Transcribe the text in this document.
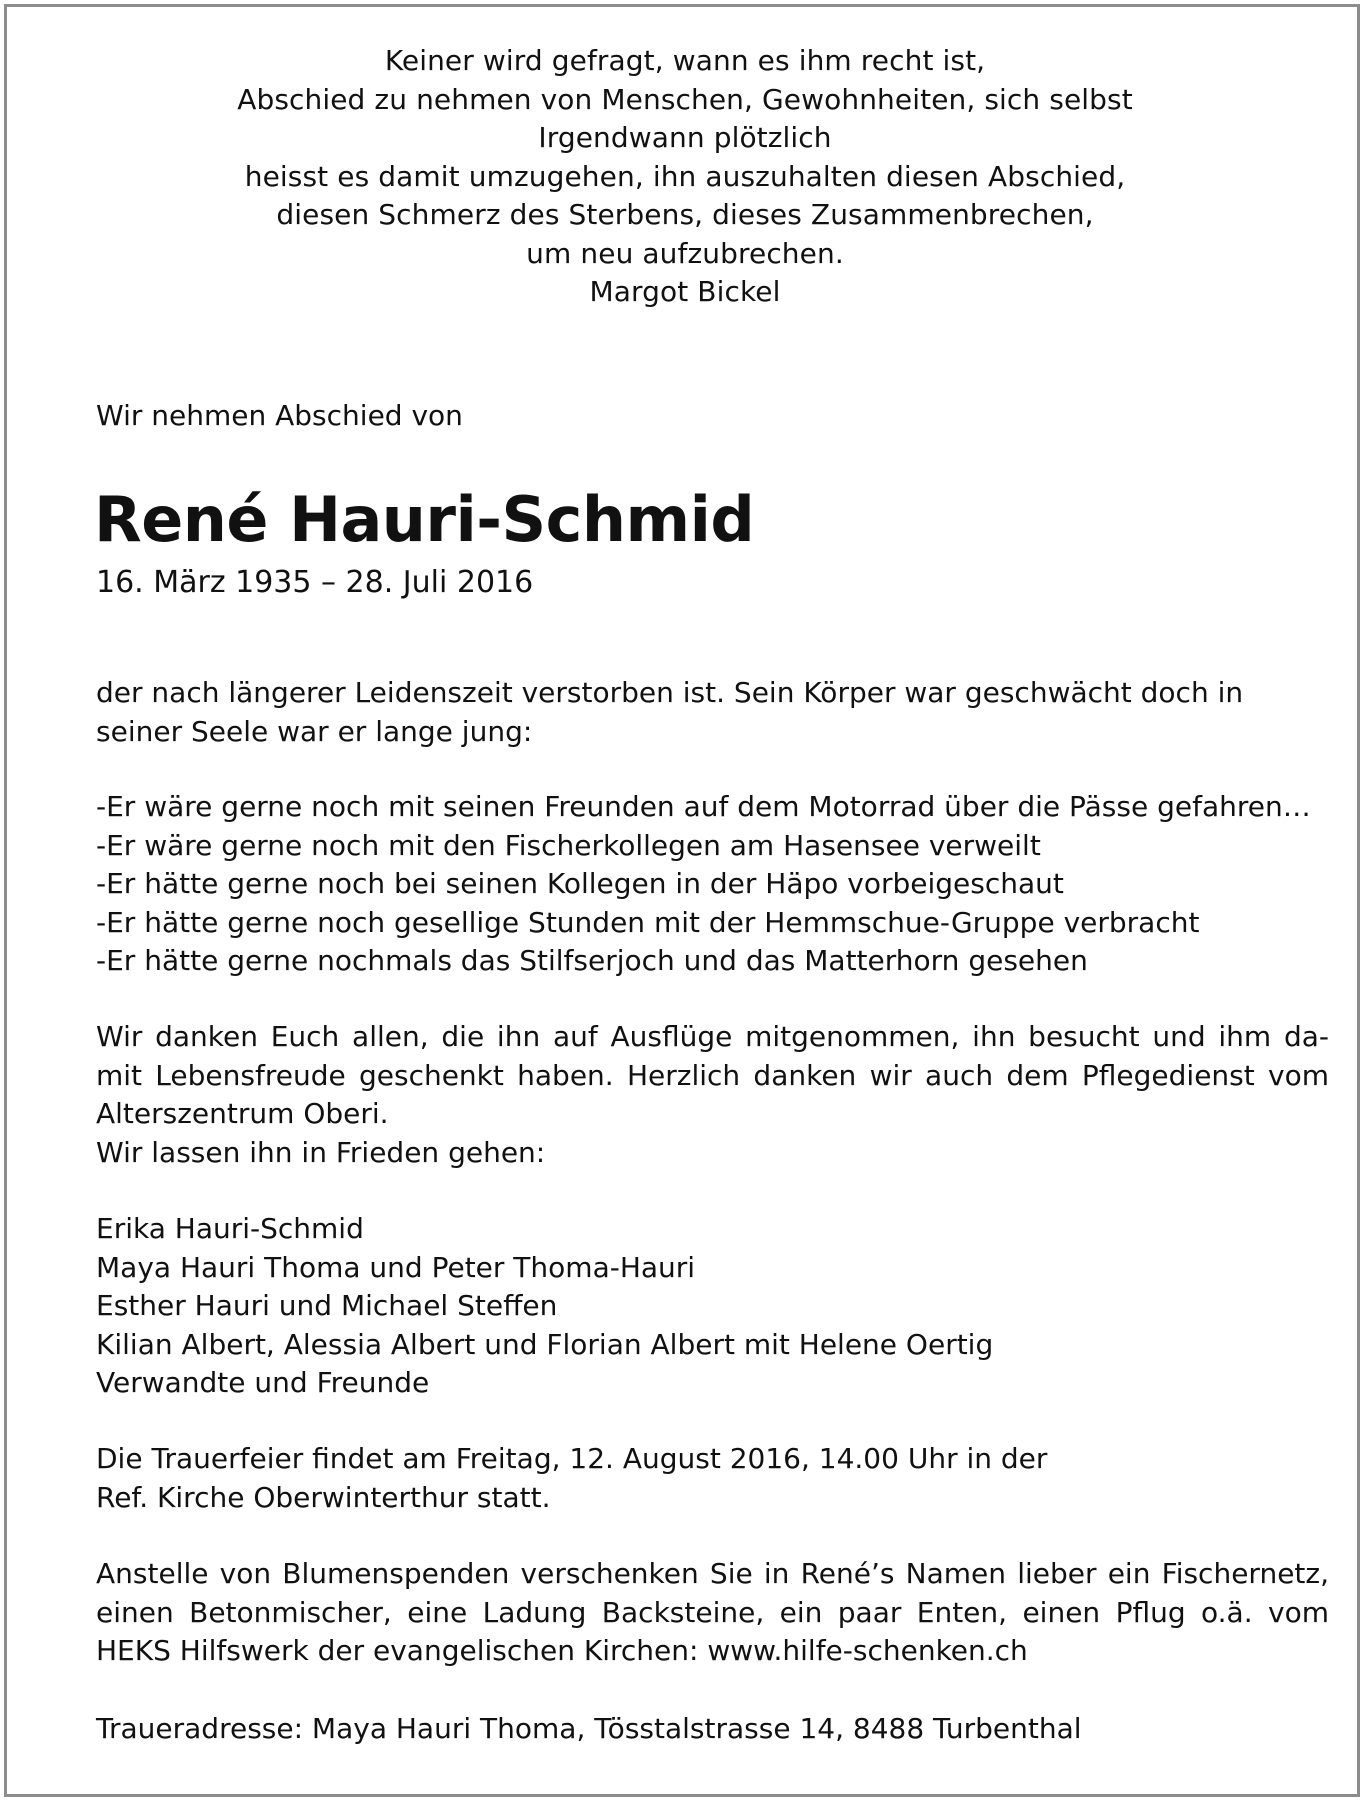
Keiner wird gefragt, wann es ihm recht ist,
Abschied zu nehmen von Menschen, Gewohnheiten, sich selbst
Irgendwann plötzlich
heisst es damit umzugehen, ihn auszuhalten diesen Abschied,
diesen Schmerz des Sterbens, dieses Zusammenbrechen,
um neu aufzubrechen.
Margot Bickel
Wir nehmen Abschied von
René Hauri-Schmid
16. März 1935 – 28. Juli 2016
der nach längerer Leidenszeit verstorben ist. Sein Körper war geschwächt doch in
seiner Seele war er lange jung:
-Er wäre gerne noch mit seinen Freunden auf dem Motorrad über die Pässe gefahren…
-Er wäre gerne noch mit den Fischerkollegen am Hasensee verweilt
-Er hätte gerne noch bei seinen Kollegen in der Häpo vorbeigeschaut
-Er hätte gerne noch gesellige Stunden mit der Hemmschue-Gruppe verbracht
-Er hätte gerne nochmals das Stilfserjoch und das Matterhorn gesehen
Wir danken Euch allen, die ihn auf Ausflüge mitgenommen, ihn besucht und ihm da-
mit Lebensfreude geschenkt haben. Herzlich danken wir auch dem Pflegedienst vom
Alterszentrum Oberi.
Wir lassen ihn in Frieden gehen:
Erika Hauri-Schmid
Maya Hauri Thoma und Peter Thoma-Hauri
Esther Hauri und Michael Steffen
Kilian Albert, Alessia Albert und Florian Albert mit Helene Oertig
Verwandte und Freunde
Die Trauerfeier findet am Freitag, 12. August 2016, 14.00 Uhr in der
Ref. Kirche Oberwinterthur statt.
Anstelle von Blumenspenden verschenken Sie in René’s Namen lieber ein Fischernetz,
einen Betonmischer, eine Ladung Backsteine, ein paar Enten, einen Pflug o.ä. vom
HEKS Hilfswerk der evangelischen Kirchen: www.hilfe-schenken.ch
Traueradresse: Maya Hauri Thoma, Tösstalstrasse 14, 8488 Turbenthal
